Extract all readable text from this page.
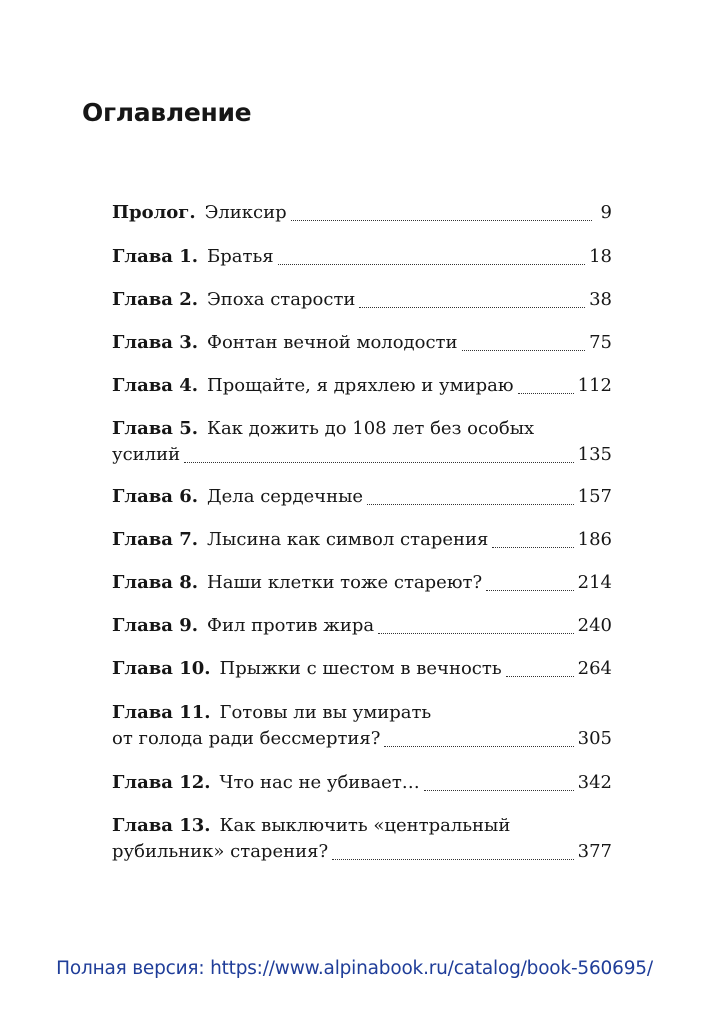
Оглавление
Пролог. Эликсир	9
Глава 1. Братья	18
Глава 2. Эпоха старости	38
Глава 3. Фонтан вечной молодости	75
Глава 4. Прощайте, я дряхлею и умираю	112
Глава 5. Как дожить до 108 лет без особых
усилий	135
Глава 6. Дела сердечные	157
Глава 7. Лысина как символ старения	186
Глава 8. Наши клетки тоже стареют?	214
Глава 9. Фил против жира	240
Глава 10. Прыжки с шестом в вечность	264
Глава 11. Готовы ли вы умирать
от голода ради бессмертия?	305
Глава 12. Что нас не убивает…	342
Глава 13. Как выключить «центральный
рубильник» старения?	377
Полная версия: https://www.alpinabook.ru/catalog/book-560695/
